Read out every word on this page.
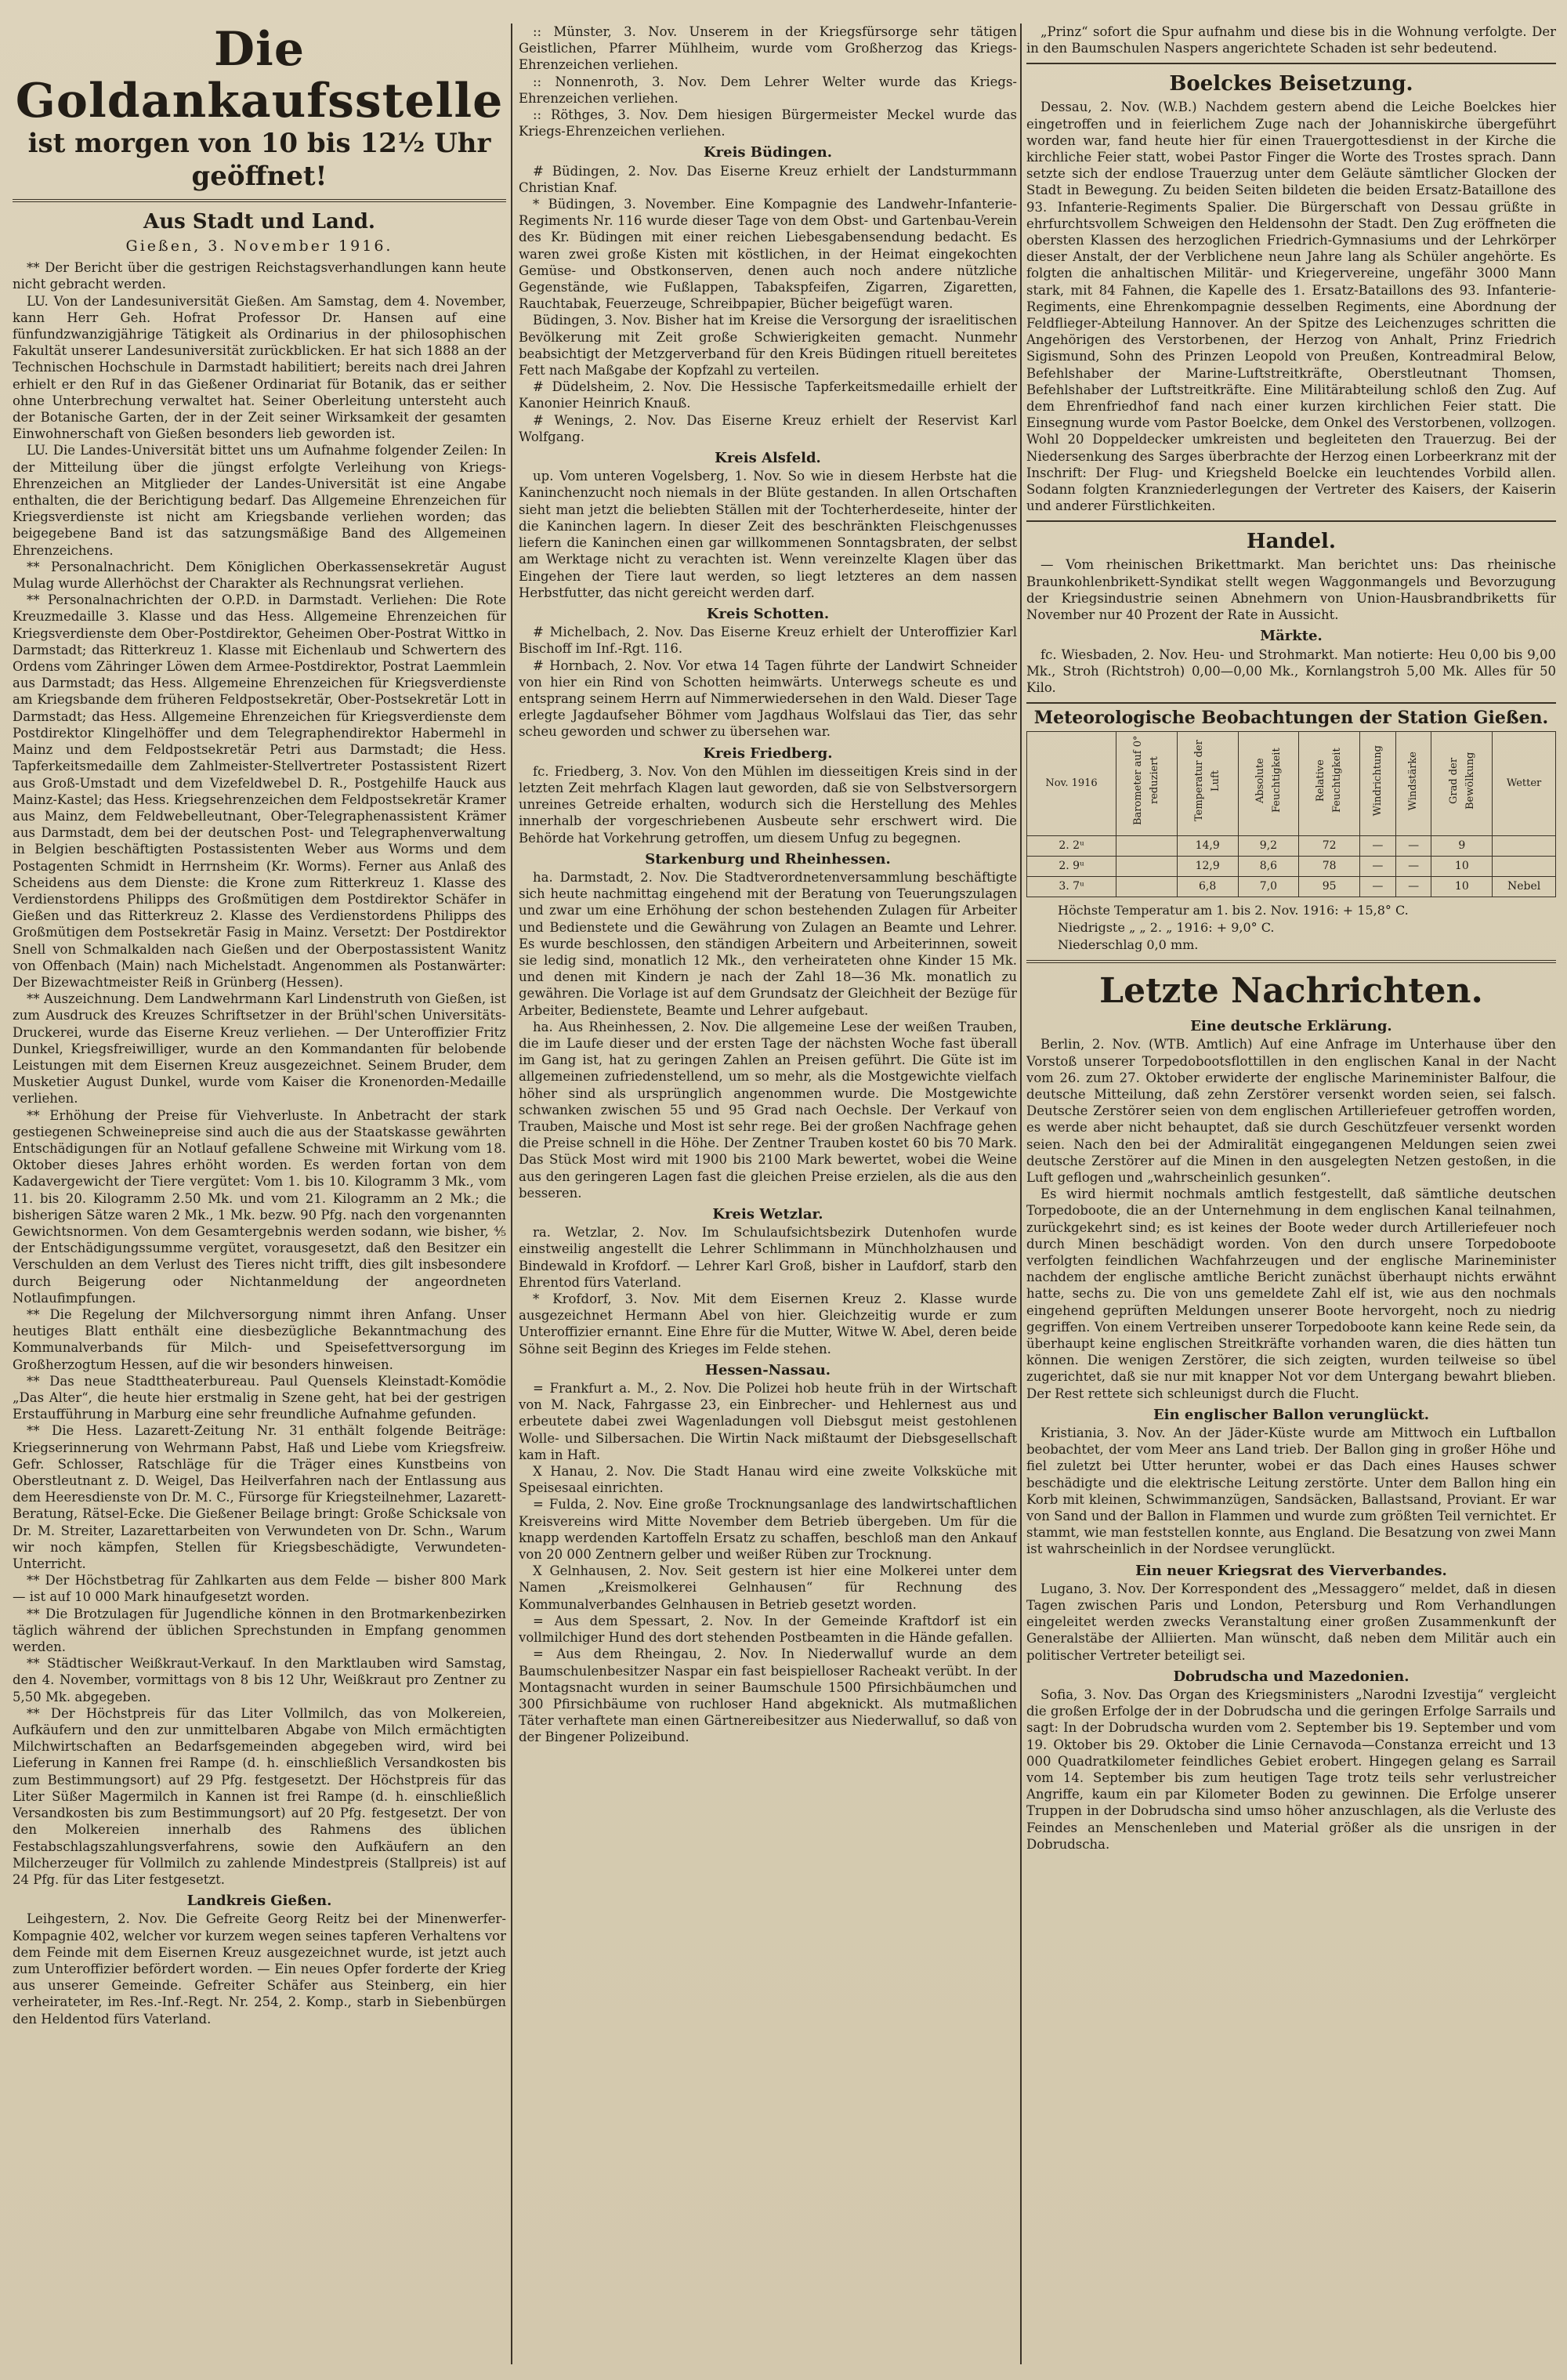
Die Goldankaufsstelle
ist morgen von 10 bis 12½ Uhr geöffnet!
Aus Stadt und Land.
Gießen, 3. November 1916.

** Der Bericht über die gestrigen Reichstagsverhandlungen kann heute nicht gebracht werden.

LU. Von der Landesuniversität Gießen. Am Samstag, dem 4. November, kann Herr Geh. Hofrat Professor Dr. Hansen auf eine fünfundzwanzigjährige Tätigkeit als Ordinarius in der philosophischen Fakultät unserer Landesuniversität zurückblicken. Er hat sich 1888 an der Technischen Hochschule in Darmstadt habilitiert; bereits nach drei Jahren erhielt er den Ruf in das Gießener Ordinariat für Botanik, das er seither ohne Unterbrechung verwaltet hat. Seiner Oberleitung untersteht auch der Botanische Garten, der in der Zeit seiner Wirksamkeit der gesamten Einwohnerschaft von Gießen besonders lieb geworden ist.

LU. Die Landes-Universität bittet uns um Aufnahme folgender Zeilen: In der Mitteilung über die jüngst erfolgte Verleihung von Kriegs-Ehrenzeichen an Mitglieder der Landes-Universität ist eine Angabe enthalten, die der Berichtigung bedarf. Das Allgemeine Ehrenzeichen für Kriegsverdienste ist nicht am Kriegsbande verliehen worden; das beigegebene Band ist das satzungsmäßige Band des Allgemeinen Ehrenzeichens.

** Personalnachricht. Dem Königlichen Oberkassensekretär August Mulag wurde Allerhöchst der Charakter als Rechnungsrat verliehen.

** Personalnachrichten der O.P.D. in Darmstadt. Verliehen: Die Rote Kreuzmedaille 3. Klasse und das Hess. Allgemeine Ehrenzeichen für Kriegsverdienste dem Ober-Postdirektor, Geheimen Ober-Postrat Wittko in Darmstadt; das Ritterkreuz 1. Klasse mit Eichenlaub und Schwertern des Ordens vom Zähringer Löwen dem Armee-Postdirektor, Postrat Laemmlein aus Darmstadt; das Hess. Allgemeine Ehrenzeichen für Kriegsverdienste am Kriegsbande dem früheren Feldpostsekretär, Ober-Postsekretär Lott in Darmstadt; das Hess. Allgemeine Ehrenzeichen für Kriegsverdienste dem Postdirektor Klingelhöffer und dem Telegraphendirektor Habermehl in Mainz und dem Feldpostsekretär Petri aus Darmstadt; die Hess. Tapferkeitsmedaille dem Zahlmeister-Stellvertreter Postassistent Rizert aus Groß-Umstadt und dem Vizefeldwebel D. R., Postgehilfe Hauck aus Mainz-Kastel; das Hess. Kriegsehrenzeichen dem Feldpostsekretär Kramer aus Mainz, dem Feldwebelleutnant, Ober-Telegraphenassistent Krämer aus Darmstadt, dem bei der deutschen Post- und Telegraphenverwaltung in Belgien beschäftigten Postassistenten Weber aus Worms und dem Postagenten Schmidt in Herrnsheim (Kr. Worms). Ferner aus Anlaß des Scheidens aus dem Dienste: die Krone zum Ritterkreuz 1. Klasse des Verdienstordens Philipps des Großmütigen dem Postdirektor Schäfer in Gießen und das Ritterkreuz 2. Klasse des Verdienstordens Philipps des Großmütigen dem Postsekretär Fasig in Mainz. Versetzt: Der Postdirektor Snell von Schmalkalden nach Gießen und der Oberpostassistent Wanitz von Offenbach (Main) nach Michelstadt. Angenommen als Postanwärter: Der Bizewachtmeister Reiß in Grünberg (Hessen).

** Auszeichnung. Dem Landwehrmann Karl Lindenstruth von Gießen, ist zum Ausdruck des Kreuzes Schriftsetzer in der Brühl'schen Universitäts-Druckerei, wurde das Eiserne Kreuz verliehen. — Der Unteroffizier Fritz Dunkel, Kriegsfreiwilliger, wurde an den Kommandanten für belobende Leistungen mit dem Eisernen Kreuz ausgezeichnet. Seinem Bruder, dem Musketier August Dunkel, wurde vom Kaiser die Kronenorden-Medaille verliehen.

** Erhöhung der Preise für Viehverluste. In Anbetracht der stark gestiegenen Schweinepreise sind auch die aus der Staatskasse gewährten Entschädigungen für an Notlauf gefallene Schweine mit Wirkung vom 18. Oktober dieses Jahres erhöht worden. Es werden fortan von dem Kadavergewicht der Tiere vergütet: Vom 1. bis 10. Kilogramm 3 Mk., vom 11. bis 20. Kilogramm 2.50 Mk. und vom 21. Kilogramm an 2 Mk.; die bisherigen Sätze waren 2 Mk., 1 Mk. bezw. 90 Pfg. nach den vorgenannten Gewichtsnormen. Von dem Gesamtergebnis werden sodann, wie bisher, ⁴⁄₅ der Entschädigungssumme vergütet, vorausgesetzt, daß den Besitzer ein Verschulden an dem Verlust des Tieres nicht trifft, dies gilt insbesondere durch Beigerung oder Nichtanmeldung der angeordneten Notlaufimpfungen.

** Die Regelung der Milchversorgung nimmt ihren Anfang. Unser heutiges Blatt enthält eine diesbezügliche Bekanntmachung des Kommunalverbands für Milch- und Speisefettversorgung im Großherzogtum Hessen, auf die wir besonders hinweisen.

** Das neue Stadttheaterbureau. Paul Quensels Kleinstadt-Komödie „Das Alter“, die heute hier erstmalig in Szene geht, hat bei der gestrigen Erstaufführung in Marburg eine sehr freundliche Aufnahme gefunden.

** Die Hess. Lazarett-Zeitung Nr. 31 enthält folgende Beiträge: Kriegserinnerung von Wehrmann Pabst, Haß und Liebe vom Kriegsfreiw. Gefr. Schlosser, Ratschläge für die Träger eines Kunstbeins von Oberstleutnant z. D. Weigel, Das Heilverfahren nach der Entlassung aus dem Heeresdienste von Dr. M. C., Fürsorge für Kriegsteilnehmer, Lazarett-Beratung, Rätsel-Ecke. Die Gießener Beilage bringt: Große Schicksale von Dr. M. Streiter, Lazarettarbeiten von Verwundeten von Dr. Schn., Warum wir noch kämpfen, Stellen für Kriegsbeschädigte, Verwundeten-Unterricht.

** Der Höchstbetrag für Zahlkarten aus dem Felde — bisher 800 Mark — ist auf 10 000 Mark hinaufgesetzt worden.

** Die Brotzulagen für Jugendliche können in den Brotmarkenbezirken täglich während der üblichen Sprechstunden in Empfang genommen werden.

** Städtischer Weißkraut-Verkauf. In den Marktlauben wird Samstag, den 4. November, vormittags von 8 bis 12 Uhr, Weißkraut pro Zentner zu 5,50 Mk. abgegeben.

** Der Höchstpreis für das Liter Vollmilch, das von Molkereien, Aufkäufern und den zur unmittelbaren Abgabe von Milch ermächtigten Milchwirtschaften an Bedarfsgemeinden abgegeben wird, wird bei Lieferung in Kannen frei Rampe (d. h. einschließlich Versandkosten bis zum Bestimmungsort) auf 29 Pfg. festgesetzt. Der Höchstpreis für das Liter Süßer Magermilch in Kannen ist frei Rampe (d. h. einschließlich Versandkosten bis zum Bestimmungsort) auf 20 Pfg. festgesetzt. Der von den Molkereien innerhalb des Rahmens des üblichen Festabschlagszahlungsverfahrens, sowie den Aufkäufern an den Milcherzeuger für Vollmilch zu zahlende Mindestpreis (Stallpreis) ist auf 24 Pfg. für das Liter festgesetzt.

Landkreis Gießen.

Leihgestern, 2. Nov. Die Gefreite Georg Reitz bei der Minenwerfer-Kompagnie 402, welcher vor kurzem wegen seines tapferen Verhaltens vor dem Feinde mit dem Eisernen Kreuz ausgezeichnet wurde, ist jetzt auch zum Unteroffizier befördert worden. — Ein neues Opfer forderte der Krieg aus unserer Gemeinde. Gefreiter Schäfer aus Steinberg, ein hier verheirateter, im Res.-Inf.-Regt. Nr. 254, 2. Komp., starb in Siebenbürgen den Heldentod fürs Vaterland.

:: Münster, 3. Nov. Unserem in der Kriegsfürsorge sehr tätigen Geistlichen, Pfarrer Mühlheim, wurde vom Großherzog das Kriegs-Ehrenzeichen verliehen.

:: Nonnenroth, 3. Nov. Dem Lehrer Welter wurde das Kriegs-Ehrenzeichen verliehen.

:: Röthges, 3. Nov. Dem hiesigen Bürgermeister Meckel wurde das Kriegs-Ehrenzeichen verliehen.

Kreis Büdingen.

# Büdingen, 2. Nov. Das Eiserne Kreuz erhielt der Landsturmmann Christian Knaf.

* Büdingen, 3. November. Eine Kompagnie des Landwehr-Infanterie-Regiments Nr. 116 wurde dieser Tage von dem Obst- und Gartenbau-Verein des Kr. Büdingen mit einer reichen Liebesgabensendung bedacht. Es waren zwei große Kisten mit köstlichen, in der Heimat eingekochten Gemüse- und Obstkonserven, denen auch noch andere nützliche Gegenstände, wie Fußlappen, Tabakspfeifen, Zigarren, Zigaretten, Rauchtabak, Feuerzeuge, Schreibpapier, Bücher beigefügt waren.

Büdingen, 3. Nov. Bisher hat im Kreise die Versorgung der israelitischen Bevölkerung mit Zeit große Schwierigkeiten gemacht. Nunmehr beabsichtigt der Metzgerverband für den Kreis Büdingen rituell bereitetes Fett nach Maßgabe der Kopfzahl zu verteilen.

# Düdelsheim, 2. Nov. Die Hessische Tapferkeitsmedaille erhielt der Kanonier Heinrich Knauß.

# Wenings, 2. Nov. Das Eiserne Kreuz erhielt der Reservist Karl Wolfgang.

Kreis Alsfeld.

up. Vom unteren Vogelsberg, 1. Nov. So wie in diesem Herbste hat die Kaninchenzucht noch niemals in der Blüte gestanden. In allen Ortschaften sieht man jetzt die beliebten Ställen mit der Tochterherdeseite, hinter der die Kaninchen lagern. In dieser Zeit des beschränkten Fleischgenusses liefern die Kaninchen einen gar willkommenen Sonntagsbraten, der selbst am Werktage nicht zu verachten ist. Wenn vereinzelte Klagen über das Eingehen der Tiere laut werden, so liegt letzteres an dem nassen Herbstfutter, das nicht gereicht werden darf.

Kreis Schotten.

# Michelbach, 2. Nov. Das Eiserne Kreuz erhielt der Unteroffizier Karl Bischoff im Inf.-Rgt. 116.

# Hornbach, 2. Nov. Vor etwa 14 Tagen führte der Landwirt Schneider von hier ein Rind von Schotten heimwärts. Unterwegs scheute es und entsprang seinem Herrn auf Nimmerwiedersehen in den Wald. Dieser Tage erlegte Jagdaufseher Böhmer vom Jagdhaus Wolfslaui das Tier, das sehr scheu geworden und schwer zu übersehen war.

Kreis Friedberg.

fc. Friedberg, 3. Nov. Von den Mühlen im diesseitigen Kreis sind in der letzten Zeit mehrfach Klagen laut geworden, daß sie von Selbstversorgern unreines Getreide erhalten, wodurch sich die Herstellung des Mehles innerhalb der vorgeschriebenen Ausbeute sehr erschwert wird. Die Behörde hat Vorkehrung getroffen, um diesem Unfug zu begegnen.

Starkenburg und Rheinhessen.

ha. Darmstadt, 2. Nov. Die Stadtverordnetenversammlung beschäftigte sich heute nachmittag eingehend mit der Beratung von Teuerungszulagen und zwar um eine Erhöhung der schon bestehenden Zulagen für Arbeiter und Bedienstete und die Gewährung von Zulagen an Beamte und Lehrer. Es wurde beschlossen, den ständigen Arbeitern und Arbeiterinnen, soweit sie ledig sind, monatlich 12 Mk., den verheirateten ohne Kinder 15 Mk. und denen mit Kindern je nach der Zahl 18—36 Mk. monatlich zu gewähren. Die Vorlage ist auf dem Grundsatz der Gleichheit der Bezüge für Arbeiter, Bedienstete, Beamte und Lehrer aufgebaut.

ha. Aus Rheinhessen, 2. Nov. Die allgemeine Lese der weißen Trauben, die im Laufe dieser und der ersten Tage der nächsten Woche fast überall im Gang ist, hat zu geringen Zahlen an Preisen geführt. Die Güte ist im allgemeinen zufriedenstellend, um so mehr, als die Mostgewichte vielfach höher sind als ursprünglich angenommen wurde. Die Mostgewichte schwanken zwischen 55 und 95 Grad nach Oechsle. Der Verkauf von Trauben, Maische und Most ist sehr rege. Bei der großen Nachfrage gehen die Preise schnell in die Höhe. Der Zentner Trauben kostet 60 bis 70 Mark. Das Stück Most wird mit 1900 bis 2100 Mark bewertet, wobei die Weine aus den geringeren Lagen fast die gleichen Preise erzielen, als die aus den besseren.

Kreis Wetzlar.

ra. Wetzlar, 2. Nov. Im Schulaufsichtsbezirk Dutenhofen wurde einstweilig angestellt die Lehrer Schlimmann in Münchholzhausen und Bindewald in Krofdorf. — Lehrer Karl Groß, bisher in Laufdorf, starb den Ehrentod fürs Vaterland.

* Krofdorf, 3. Nov. Mit dem Eisernen Kreuz 2. Klasse wurde ausgezeichnet Hermann Abel von hier. Gleichzeitig wurde er zum Unteroffizier ernannt. Eine Ehre für die Mutter, Witwe W. Abel, deren beide Söhne seit Beginn des Krieges im Felde stehen.

Hessen-Nassau.

= Frankfurt a. M., 2. Nov. Die Polizei hob heute früh in der Wirtschaft von M. Nack, Fahrgasse 23, ein Einbrecher- und Hehlernest aus und erbeutete dabei zwei Wagenladungen voll Diebsgut meist gestohlenen Wolle- und Silbersachen. Die Wirtin Nack mißtaumt der Diebsgesellschaft kam in Haft.

X Hanau, 2. Nov. Die Stadt Hanau wird eine zweite Volksküche mit Speisesaal einrichten.

= Fulda, 2. Nov. Eine große Trocknungsanlage des landwirtschaftlichen Kreisvereins wird Mitte November dem Betrieb übergeben. Um für die knapp werdenden Kartoffeln Ersatz zu schaffen, beschloß man den Ankauf von 20 000 Zentnern gelber und weißer Rüben zur Trocknung.

X Gelnhausen, 2. Nov. Seit gestern ist hier eine Molkerei unter dem Namen „Kreismolkerei Gelnhausen“ für Rechnung des Kommunalverbandes Gelnhausen in Betrieb gesetzt worden.

= Aus dem Spessart, 2. Nov. In der Gemeinde Kraftdorf ist ein vollmilchiger Hund des dort stehenden Postbeamten in die Hände gefallen.

= Aus dem Rheingau, 2. Nov. In Niederwalluf wurde an dem Baumschulenbesitzer Naspar ein fast beispielloser Racheakt verübt. In der Montagsnacht wurden in seiner Baumschule 1500 Pfirsichbäumchen und 300 Pfirsichbäume von ruchloser Hand abgeknickt. Als mutmaßlichen Täter verhaftete man einen Gärtnereibesitzer aus Niederwalluf, so daß von der Bingener Polizeibund.

„Prinz“ sofort die Spur aufnahm und diese bis in die Wohnung verfolgte. Der in den Baumschulen Naspers angerichtete Schaden ist sehr bedeutend.

Boelckes Beisetzung.

Dessau, 2. Nov. (W.B.) Nachdem gestern abend die Leiche Boelckes hier eingetroffen und in feierlichem Zuge nach der Johanniskirche übergeführt worden war, fand heute hier für einen Trauergottesdienst in der Kirche die kirchliche Feier statt, wobei Pastor Finger die Worte des Trostes sprach. Dann setzte sich der endlose Trauerzug unter dem Geläute sämtlicher Glocken der Stadt in Bewegung. Zu beiden Seiten bildeten die beiden Ersatz-Bataillone des 93. Infanterie-Regiments Spalier. Die Bürgerschaft von Dessau grüßte in ehrfurchtsvollem Schweigen den Heldensohn der Stadt. Den Zug eröffneten die obersten Klassen des herzoglichen Friedrich-Gymnasiums und der Lehrkörper dieser Anstalt, der der Verblichene neun Jahre lang als Schüler angehörte. Es folgten die anhaltischen Militär- und Kriegervereine, ungefähr 3000 Mann stark, mit 84 Fahnen, die Kapelle des 1. Ersatz-Bataillons des 93. Infanterie-Regiments, eine Ehrenkompagnie desselben Regiments, eine Abordnung der Feldflieger-Abteilung Hannover. An der Spitze des Leichenzuges schritten die Angehörigen des Verstorbenen, der Herzog von Anhalt, Prinz Friedrich Sigismund, Sohn des Prinzen Leopold von Preußen, Kontreadmiral Below, Befehlshaber der Marine-Luftstreitkräfte, Oberstleutnant Thomsen, Befehlshaber der Luftstreitkräfte. Eine Militärabteilung schloß den Zug. Auf dem Ehrenfriedhof fand nach einer kurzen kirchlichen Feier statt. Die Einsegnung wurde vom Pastor Boelcke, dem Onkel des Verstorbenen, vollzogen. Wohl 20 Doppeldecker umkreisten und begleiteten den Trauerzug. Bei der Niedersenkung des Sarges überbrachte der Herzog einen Lorbeerkranz mit der Inschrift: Der Flug- und Kriegsheld Boelcke ein leuchtendes Vorbild allen. Sodann folgten Kranzniederlegungen der Vertreter des Kaisers, der Kaiserin und anderer Fürstlichkeiten.

Handel.

— Vom rheinischen Brikettmarkt. Man berichtet uns: Das rheinische Braunkohlenbrikett-Syndikat stellt wegen Waggonmangels und Bevorzugung der Kriegsindustrie seinen Abnehmern von Union-Hausbrandbriketts für November nur 40 Prozent der Rate in Aussicht.

Märkte.

fc. Wiesbaden, 2. Nov. Heu- und Strohmarkt. Man notierte: Heu 0,00 bis 9,00 Mk., Stroh (Richtstroh) 0,00—0,00 Mk., Kornlangstroh 5,00 Mk. Alles für 50 Kilo.

Meteorologische Beobachtungen der Station Gießen.
Nov. 1916	Barometer auf 0° reduziert	Temperatur der Luft	Absolute Feuchtigkeit	Relative Feuchtigkeit	Windrichtung	Windstärke	Grad der Bewölkung	Wetter
2. 2ᵘ		14,9	9,2	72	—	—	9	
2. 9ᵘ		12,9	8,6	78	—	—	10	
3. 7ᵘ		6,8	7,0	95	—	—	10	Nebel
Höchste Temperatur am 1. bis 2. Nov. 1916: + 15,8° C.
Niedrigste „ „ 2. „ 1916: + 9,0° C.
Niederschlag 0,0 mm.
Letzte Nachrichten.
Eine deutsche Erklärung.

Berlin, 2. Nov. (WTB. Amtlich) Auf eine Anfrage im Unterhause über den Vorstoß unserer Torpedobootsflottillen in den englischen Kanal in der Nacht vom 26. zum 27. Oktober erwiderte der englische Marineminister Balfour, die deutsche Mitteilung, daß zehn Zerstörer versenkt worden seien, sei falsch. Deutsche Zerstörer seien von dem englischen Artilleriefeuer getroffen worden, es werde aber nicht behauptet, daß sie durch Geschützfeuer versenkt worden seien. Nach den bei der Admiralität eingegangenen Meldungen seien zwei deutsche Zerstörer auf die Minen in den ausgelegten Netzen gestoßen, in die Luft geflogen und „wahrscheinlich gesunken“.

Es wird hiermit nochmals amtlich festgestellt, daß sämtliche deutschen Torpedoboote, die an der Unternehmung in dem englischen Kanal teilnahmen, zurückgekehrt sind; es ist keines der Boote weder durch Artilleriefeuer noch durch Minen beschädigt worden. Von den durch unsere Torpedoboote verfolgten feindlichen Wachfahrzeugen und der englische Marineminister nachdem der englische amtliche Bericht zunächst überhaupt nichts erwähnt hatte, sechs zu. Die von uns gemeldete Zahl elf ist, wie aus den nochmals eingehend geprüften Meldungen unserer Boote hervorgeht, noch zu niedrig gegriffen. Von einem Vertreiben unserer Torpedoboote kann keine Rede sein, da überhaupt keine englischen Streitkräfte vorhanden waren, die dies hätten tun können. Die wenigen Zerstörer, die sich zeigten, wurden teilweise so übel zugerichtet, daß sie nur mit knapper Not vor dem Untergang bewahrt blieben. Der Rest rettete sich schleunigst durch die Flucht.

Ein englischer Ballon verunglückt.

Kristiania, 3. Nov. An der Jäder-Küste wurde am Mittwoch ein Luftballon beobachtet, der vom Meer ans Land trieb. Der Ballon ging in großer Höhe und fiel zuletzt bei Utter herunter, wobei er das Dach eines Hauses schwer beschädigte und die elektrische Leitung zerstörte. Unter dem Ballon hing ein Korb mit kleinen, Schwimmanzügen, Sandsäcken, Ballastsand, Proviant. Er war von Sand und der Ballon in Flammen und wurde zum größten Teil vernichtet. Er stammt, wie man feststellen konnte, aus England. Die Besatzung von zwei Mann ist wahrscheinlich in der Nordsee verunglückt.

Ein neuer Kriegsrat des Vierverbandes.

Lugano, 3. Nov. Der Korrespondent des „Messaggero“ meldet, daß in diesen Tagen zwischen Paris und London, Petersburg und Rom Verhandlungen eingeleitet werden zwecks Veranstaltung einer großen Zusammenkunft der Generalstäbe der Alliierten. Man wünscht, daß neben dem Militär auch ein politischer Vertreter beteiligt sei.

Dobrudscha und Mazedonien.

Sofia, 3. Nov. Das Organ des Kriegsministers „Narodni Izvestija“ vergleicht die großen Erfolge der in der Dobrudscha und die geringen Erfolge Sarrails und sagt: In der Dobrudscha wurden vom 2. September bis 19. September und vom 19. Oktober bis 29. Oktober die Linie Cernavoda—Constanza erreicht und 13 000 Quadratkilometer feindliches Gebiet erobert. Hingegen gelang es Sarrail vom 14. September bis zum heutigen Tage trotz teils sehr verlustreicher Angriffe, kaum ein par Kilometer Boden zu gewinnen. Die Erfolge unserer Truppen in der Dobrudscha sind umso höher anzuschlagen, als die Verluste des Feindes an Menschenleben und Material größer als die unsrigen in der Dobrudscha.
